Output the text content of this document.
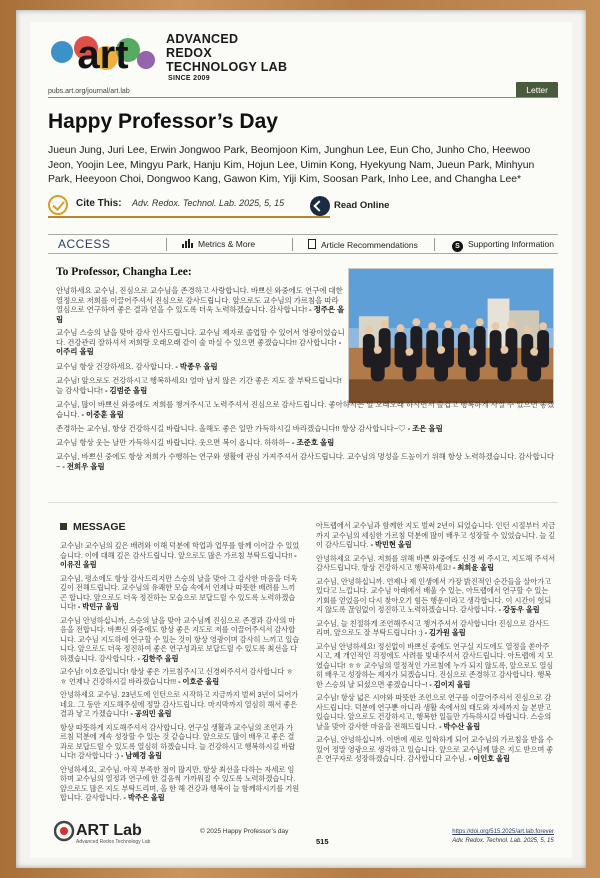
art	ADVANCED
REDOX
TECHNOLOGY LAB
SINCE 2009
pubs.art.org/journal/art.lab	Letter
Happy Professor’s Day
Jueun Jung, Juri Lee, Erwin Jongwoo Park, Beomjoon Kim, Junghun Lee, Eun Cho, Junho Cho, Heewoo Jeon, Yoojin Lee, Mingyu Park, Hanju Kim, Hojun Lee, Uimin Kong, Hyekyung Nam, Jueun Park, Minhyun Park, Heeyoon Choi, Dongwoo Kang, Gawon Kim, Yiji Kim, Soosan Park, Inho Lee, and Changha Lee*
Cite This: Adv. Redox. Technol. Lab. 2025, 5, 15	Read Online
ACCESS	Metrics & More	Article Recommendations	S Supporting Information
To Professor, Changha Lee:
안녕하세요 교수님, 진심으로 교수님을 존경하고 사랑합니다. 바쁘신 와중에도 연구에 대한 열정으로 저희를 이끌어주셔서 진심으로 감사드립니다. 앞으로도 교수님의 가르침을 따라 열심으로 연구하여 좋은 결과 얻을 수 있도록 더욱 노력하겠습니다. 감사합니다! - 정주은 올림
교수님 스승의 날을 맞아 감사 인사드립니다. 교수님 제자로 졸업할 수 있어서 영광이었습니다. 건강관리 잘하셔서 저희랑 오래오래 같이 술 마실 수 있으면 좋겠습니다!! 감사합니다! - 이주리 올림
교수님 항상 건강하세요. 감사합니다. - 박종우 올림
교수님! 앞으로도 건강하시고 행복하세요! 얼마 남지 않은 기간 좋은 지도 잘 부탁드립니다! 늘 감사합니다! - 김범준 올림
교수님, 많이 바쁘신 와중에도 저희를 챙겨주시고 노력주셔서 진심으로 감사드립니다. 좋아하시는 일 오래오래 하시면서 즐겁고 행복하게 사실 수 있으면 좋겠습니다. - 이중훈 올림
존경하는 교수님, 항상 건강하시길 바랍니다. 올해도 좋은 일만 가득하시길 바라겠습니다!! 항상 감사합니다~♡ - 조은 올림
교수님 항상 웃는 날만 가득하시길 바랍니다. 웃으면 복이 옵니다. 하하하~ - 조준호 올림
교수님, 바쁘신 중에도 항상 저희가 수행하는 연구와 생활에 관심 가져주셔서 감사드립니다. 교수님의 명성을 드높이기 위해 항상 노력하겠습니다. 감사합니다~ - 전희우 올림
MESSAGE

교수님! 교수님의 깊은 배려와 이해 덕분에 학업과 업무를 함께 이어갈 수 있었습니다. 이에 대해 깊은 감사드립니다. 앞으로도 많은 가르침 부탁드립니다!! - 이유진 올림

교수님, 평소에도 항상 감사드리지만 스승의 날을 맞아 그 감사한 마음을 더욱 깊이 전해드립니다. 교수님의 유쾌한 모습 속에서 언제나 따뜻한 배려를 느끼곤 합니다. 앞으로도 더욱 정진하는 모습으로 보답드릴 수 있도록 노력하겠습니다! - 박민규 올림

교수님 안녕하십니까, 스승의 날을 맞아 교수님께 진심으로 존경과 감사의 마음을 전합니다. 바쁘신 와중에도 항상 좋은 지도로 저를 이끌어주셔서 감사합니다. 교수님 지도하에 연구할 수 있는 것이 항상 영광이며 감사히 느끼고 있습니다. 앞으로도 더욱 정진하여 좋은 연구성과로 보답드릴 수 있도록 최선을 다하겠습니다. 감사합니다. - 김한주 올림

교수님! 이호준입니다! 항상 좋은 가르침주시고 신경써주셔서 감사합니다 ㅎㅎ 언제나 건강하시길 바라겠습니다!!! - 이호준 올림

안녕하세요 교수님. 23년도에 인턴으로 시작하고 지금까지 벌써 3년이 되어가네요. 그 동안 지도해주심에 정말 감사드립니다. 마지막까지 열심히 해서 좋은 결과 낳고 가겠습니다! - 공의민 올림

항상 따뜻하게 지도해주셔서 감사합니다. 연구실 생활과 교수님의 조언과 가르침 덕분에 계속 성장할 수 있는 것 같습니다. 앞으로도 많이 배우고 좋은 결과로 보답드릴 수 있도록 열심히 하겠습니다. 늘 건강하시고 행복하시길 바랍니다! 감사합니다 :) - 남혜경 올림

안녕하세요, 교수님. 아직 부족한 점이 많지만, 항상 최선을 다하는 자세로 임하며 교수님의 열정과 연구에 한 걸음씩 가까워질 수 있도록 노력하겠습니다. 앞으로도 많은 지도 부탁드리며, 올 한 해 건강과 행복이 늘 함께하시기를 기원합니다. 감사합니다. - 박주은 올림

아트랩에서 교수님과 함께한 지도 벌써 2년이 되었습니다. 인턴 시절부터 지금까지 교수님의 세심한 가르침 덕분에 많이 배우고 성장할 수 있었습니다. 늘 깊이 감사드립니다. - 박민현 올림

안녕하세요 교수님. 저희를 위해 바쁜 와중에도 신경 써 주시고, 지도해 주셔서 감사드립니다. 항상 건강하시고 행복하세요! - 최희윤 올림

교수님, 안녕하십니까. 언제나 제 인생에서 가장 밝진적인 순간들을 살아가고 있다고 느낍니다. 교수님 아래에서 배울 수 있는, 아트랩에서 연구할 수 있는 기회를 얻었음이 다시 찾아오기 힘든 행운이라고 생각합니다. 이 시간이 헛되지 않도록 끊임없이 정진하고 노력하겠습니다. 감사합니다. - 강동우 올림

교수님, 늘 친절하게 조언해주시고 챙겨주셔서 감사합니다! 진심으로 감사드리며, 앞으로도 잘 부탁드립니다! :) - 김가원 올림

교수님 안녕하세요! 정신없이 바쁘신 중에도 연구실 지도에도 열정을 쏟아주시고, 제 개인적인 걱정에도 사려를 빛내주셔서 감사드립니다. 아트랩에 지 모였습니다! ㅎㅎ 교수님의 열정적인 가르침에 누가 되지 않도록, 앞으로도 열심히 배우고 성장하는 제자가 되겠습니다. 진심으로 존경하고 감사합니다. 행복한 스승의 날 되셨으면 좋겠습니다~! - 김이지 올림

교수님! 항상 넓은 시야와 따뜻한 조언으로 연구를 이끌어주셔서 진심으로 감사드립니다. 덕분에 연구뿐 아니라 생활 속에서의 태도와 자세까지 늘 본받고 있습니다. 앞으로도 건강하시고, 행복한 일들만 가득하시길 바랍니다. 스승의 날을 맞아 감사한 마음을 전해드립니다. - 박수산 올림

교수님, 안녕하십니까. 이번에 새로 입학하게 되어 교수님의 가르침을 받을 수 있어 정말 영광으로 생각하고 있습니다. 앞으로 교수님께 많은 지도 받으며 좋은 연구자로 성장하겠습니다. 감사합니다 교수님. - 이인호 올림

ART Lab
Advanced Redox Technology Lab
© 2025 Happy Professor’s day
515
https://doi.org/515.2025/art.lab.forever
Adv. Redox. Technol. Lab. 2025, 5, 15
